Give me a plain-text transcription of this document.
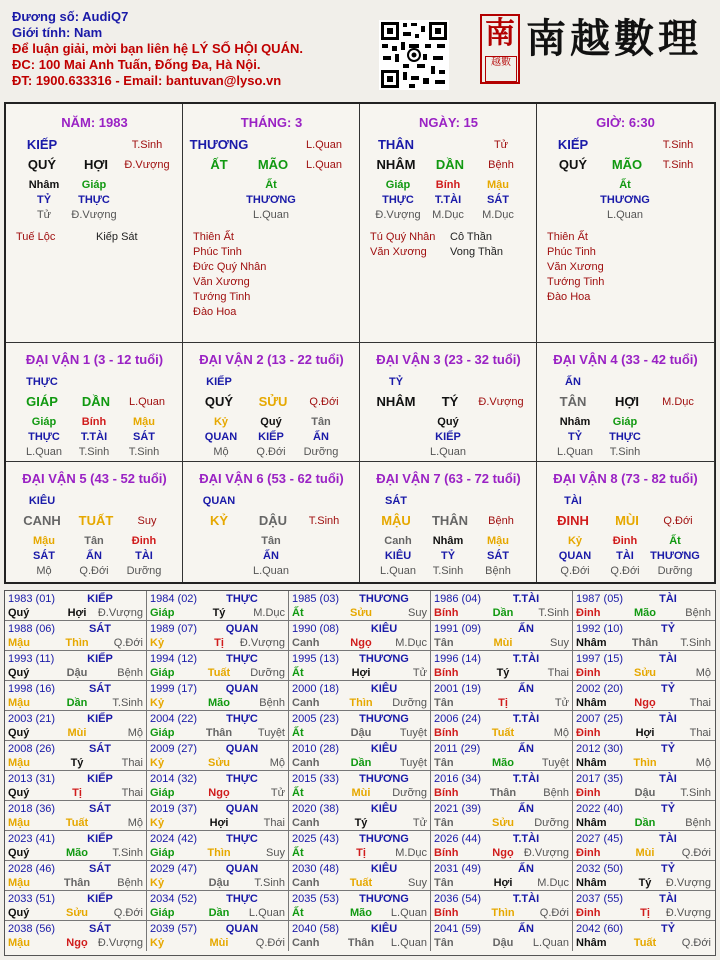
Đương số: AudiQ7
Giới tính: Nam
Để luận giải, mời bạn liên hệ LÝ SỐ HỘI QUÁN.
ĐC: 100 Mai Anh Tuấn, Đống Đa, Hà Nội.
ĐT: 1900.633316 - Email: bantuvan@lyso.vn
南
越數
南越數理
NĂM: 1983
KIẾP	T.Sinh
QUÝ	HỢI	Đ.Vượng
Nhâm
TỶ
Tử
Giáp
THỰC
Đ.Vượng
Tuế Lộc	Kiếp Sát
THÁNG: 3
THƯƠNG	L.Quan
ẤT	MÃO	L.Quan
Ất
THƯƠNG
L.Quan
Thiên Ất
Phúc Tinh
Đức Quý Nhân
Văn Xương
Tướng Tinh
Đào Hoa
NGÀY: 15
THÂN	Tử
NHÂM	DẦN	Bệnh
Giáp
THỰC
Đ.Vượng
Bính
T.TÀI
M.Dục
Mậu
SÁT
M.Dục
Tú Quý Nhân Cô Thần
Văn Xương Vong Thần
GIỜ: 6:30
KIẾP	T.Sinh
QUÝ	MÃO	T.Sinh
Ất
THƯƠNG
L.Quan
Thiên Ất
Phúc Tinh
Văn Xương
Tướng Tinh
Đào Hoa
ĐẠI VẬN 1 (3 - 12 tuổi)
THỰC
GIÁP	DẦN	L.Quan
Giáp
THỰC
L.Quan
Bính
T.TÀI
T.Sinh
Mậu
SÁT
T.Sinh
ĐẠI VẬN 2 (13 - 22 tuổi)
KIẾP
QUÝ	SỬU	Q.Đới
Kỷ
QUAN
Mộ
Quý
KIẾP
Q.Đới
Tân
ẤN
Dưỡng
ĐẠI VẬN 3 (23 - 32 tuổi)
TỶ
NHÂM	TÝ	Đ.Vượng
Quý
KIẾP
L.Quan
ĐẠI VẬN 4 (33 - 42 tuổi)
ẤN
TÂN	HỢI	M.Dục
Nhâm
TỶ
L.Quan
Giáp
THỰC
T.Sinh
ĐẠI VẬN 5 (43 - 52 tuổi)
KIÊU
CANH	TUẤT	Suy
Mậu
SÁT
Mộ
Tân
ẤN
Q.Đới
Đinh
TÀI
Dưỡng
ĐẠI VẬN 6 (53 - 62 tuổi)
QUAN
KỶ	DẬU	T.Sinh
Tân
ẤN
L.Quan
ĐẠI VẬN 7 (63 - 72 tuổi)
SÁT
MẬU	THÂN	Bệnh
Canh
KIÊU
L.Quan
Nhâm
TỶ
T.Sinh
Mậu
SÁT
Bệnh
ĐẠI VẬN 8 (73 - 82 tuổi)
TÀI
ĐINH	MÙI	Q.Đới
Kỷ
QUAN
Q.Đới
Đinh
TÀI
Q.Đới
Ất
THƯƠNG
Dưỡng
1983 (01)	KIẾP
Quý	Hợi	Đ.Vượng
1984 (02)	THỰC
Giáp	Tý	M.Dục
1985 (03)	THƯƠNG
Ất	Sửu	Suy
1986 (04)	T.TÀI
Bính	Dần	T.Sinh
1987 (05)	TÀI
Đinh	Mão	Bệnh
1988 (06)	SÁT
Mậu	Thìn	Q.Đới
1989 (07)	QUAN
Kỷ	Tị	Đ.Vượng
1990 (08)	KIÊU
Canh	Ngọ	M.Dục
1991 (09)	ẤN
Tân	Mùi	Suy
1992 (10)	TỶ
Nhâm	Thân	T.Sinh
1993 (11)	KIẾP
Quý	Dậu	Bệnh
1994 (12)	THỰC
Giáp	Tuất	Dưỡng
1995 (13)	THƯƠNG
Ất	Hợi	Tử
1996 (14)	T.TÀI
Bính	Tý	Thai
1997 (15)	TÀI
Đinh	Sửu	Mộ
1998 (16)	SÁT
Mậu	Dần	T.Sinh
1999 (17)	QUAN
Kỷ	Mão	Bệnh
2000 (18)	KIÊU
Canh	Thìn	Dưỡng
2001 (19)	ẤN
Tân	Tị	Tử
2002 (20)	TỶ
Nhâm	Ngọ	Thai
2003 (21)	KIẾP
Quý	Mùi	Mộ
2004 (22)	THỰC
Giáp	Thân	Tuyệt
2005 (23)	THƯƠNG
Ất	Dậu	Tuyệt
2006 (24)	T.TÀI
Bính	Tuất	Mộ
2007 (25)	TÀI
Đinh	Hợi	Thai
2008 (26)	SÁT
Mậu	Tý	Thai
2009 (27)	QUAN
Kỷ	Sửu	Mộ
2010 (28)	KIÊU
Canh	Dần	Tuyệt
2011 (29)	ẤN
Tân	Mão	Tuyệt
2012 (30)	TỶ
Nhâm	Thìn	Mộ
2013 (31)	KIẾP
Quý	Tị	Thai
2014 (32)	THỰC
Giáp	Ngọ	Tử
2015 (33)	THƯƠNG
Ất	Mùi	Dưỡng
2016 (34)	T.TÀI
Bính	Thân	Bệnh
2017 (35)	TÀI
Đinh	Dậu	T.Sinh
2018 (36)	SÁT
Mậu	Tuất	Mộ
2019 (37)	QUAN
Kỷ	Hợi	Thai
2020 (38)	KIÊU
Canh	Tý	Tử
2021 (39)	ẤN
Tân	Sửu	Dưỡng
2022 (40)	TỶ
Nhâm	Dần	Bệnh
2023 (41)	KIẾP
Quý	Mão	T.Sinh
2024 (42)	THỰC
Giáp	Thìn	Suy
2025 (43)	THƯƠNG
Ất	Tị	M.Dục
2026 (44)	T.TÀI
Bính	Ngọ Đ.Vượng
2027 (45)	TÀI
Đinh	Mùi	Q.Đới
2028 (46)	SÁT
Mậu	Thân	Bệnh
2029 (47)	QUAN
Kỷ	Dậu	T.Sinh
2030 (48)	KIÊU
Canh	Tuất	Suy
2031 (49)	ẤN
Tân	Hợi	M.Dục
2032 (50)	TỶ
Nhâm	Tý	Đ.Vượng
2033 (51)	KIẾP
Quý	Sửu	Q.Đới
2034 (52)	THỰC
Giáp	Dần	L.Quan
2035 (53)	THƯƠNG
Ất	Mão	L.Quan
2036 (54)	T.TÀI
Bính	Thìn	Q.Đới
2037 (55)	TÀI
Đinh	Tị	Đ.Vượng
2038 (56)	SÁT
Mậu	Ngọ Đ.Vượng
2039 (57)	QUAN
Kỷ	Mùi	Q.Đới
2040 (58)	KIÊU
Canh	Thân	L.Quan
2041 (59)	ẤN
Tân	Dậu	L.Quan
2042 (60)	TỶ
Nhâm	Tuất	Q.Đới
